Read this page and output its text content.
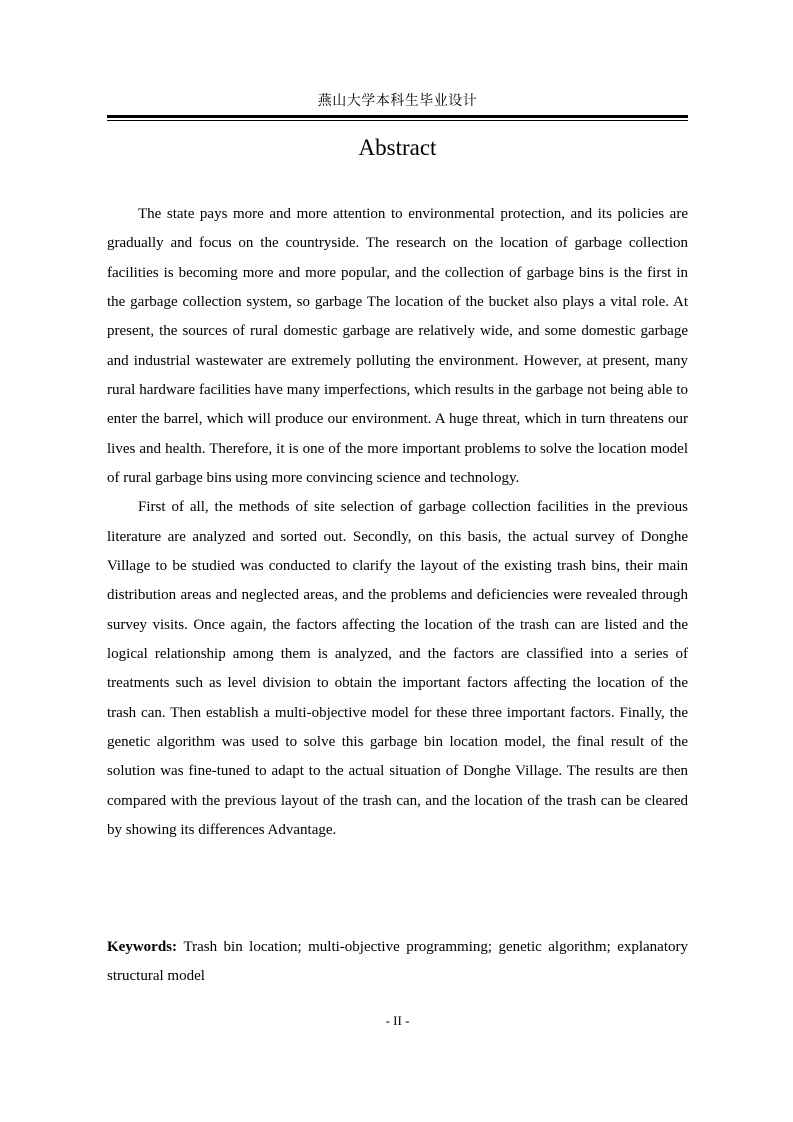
燕山大学本科生毕业设计
Abstract

The state pays more and more attention to environmental protection, and its policies are gradually and focus on the countryside. The research on the location of garbage collection facilities is becoming more and more popular, and the collection of garbage bins is the first in the garbage collection system, so garbage The location of the bucket also plays a vital role. At present, the sources of rural domestic garbage are relatively wide, and some domestic garbage and industrial wastewater are extremely polluting the environment. However, at present, many rural hardware facilities have many imperfections, which results in the garbage not being able to enter the barrel, which will produce our environment. A huge threat, which in turn threatens our lives and health. Therefore, it is one of the more important problems to solve the location model of rural garbage bins using more convincing science and technology.

First of all, the methods of site selection of garbage collection facilities in the previous literature are analyzed and sorted out. Secondly, on this basis, the actual survey of Donghe Village to be studied was conducted to clarify the layout of the existing trash bins, their main distribution areas and neglected areas, and the problems and deficiencies were revealed through survey visits. Once again, the factors affecting the location of the trash can are listed and the logical relationship among them is analyzed, and the factors are classified into a series of treatments such as level division to obtain the important factors affecting the location of the trash can. Then establish a multi-objective model for these three important factors. Finally, the genetic algorithm was used to solve this garbage bin location model, the final result of the solution was fine-tuned to adapt to the actual situation of Donghe Village. The results are then compared with the previous layout of the trash can, and the location of the trash can be cleared by showing its differences Advantage.

Keywords: Trash bin location; multi-objective programming; genetic algorithm; explanatory structural model
- II -
